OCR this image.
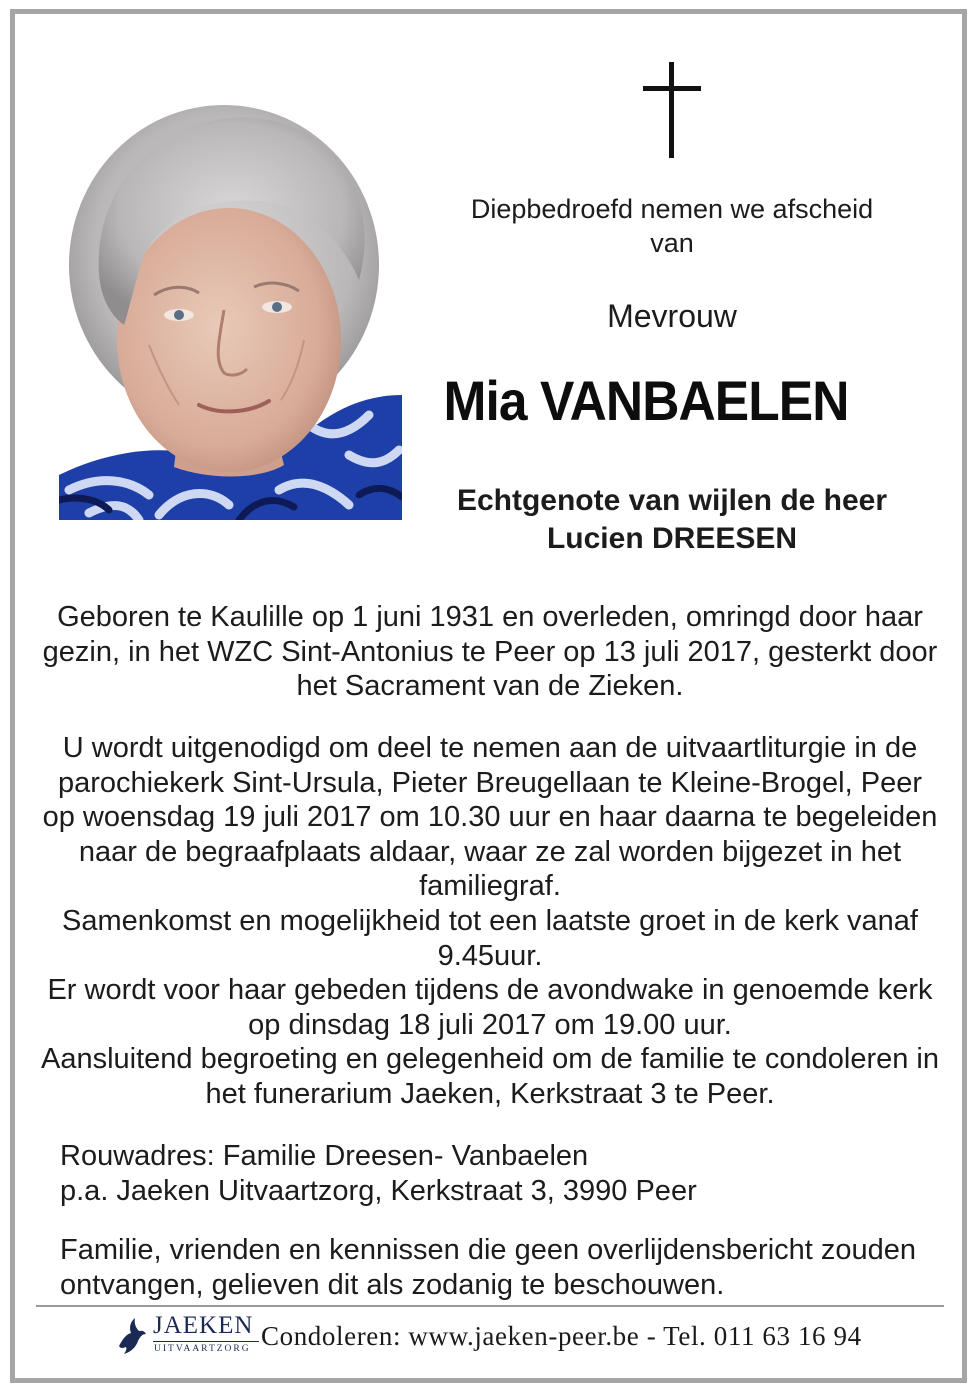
Diepbedroefd nemen we afscheid van
Mevrouw
Mia VANBAELEN
Echtgenote van wijlen de heer Lucien DREESEN
Geboren te Kaulille op 1 juni 1931 en overleden, omringd door haar gezin, in het WZC Sint-Antonius te Peer op 13 juli 2017, gesterkt door het Sacrament van de Zieken.
U wordt uitgenodigd om deel te nemen aan de uitvaartliturgie in de parochiekerk Sint-Ursula, Pieter Breugellaan te Kleine-Brogel, Peer op woensdag 19 juli 2017 om 10.30 uur en haar daarna te begeleiden naar de begraafplaats aldaar, waar ze zal worden bijgezet in het familiegraf.
Samenkomst en mogelijkheid tot een laatste groet in de kerk vanaf 9.45uur.
Er wordt voor haar gebeden tijdens de avondwake in genoemde kerk op dinsdag 18 juli 2017 om 19.00 uur.
Aansluitend begroeting en gelegenheid om de familie te condoleren in het funerarium Jaeken, Kerkstraat 3 te Peer.
Rouwadres: Familie Dreesen- Vanbaelen
p.a. Jaeken Uitvaartzorg, Kerkstraat 3, 3990 Peer
Familie, vrienden en kennissen die geen overlijdensbericht zouden ontvangen, gelieven dit als zodanig te beschouwen.
JAEKEN
UITVAARTZORG Condoleren: www.jaeken-peer.be - Tel. 011 63 16 94
